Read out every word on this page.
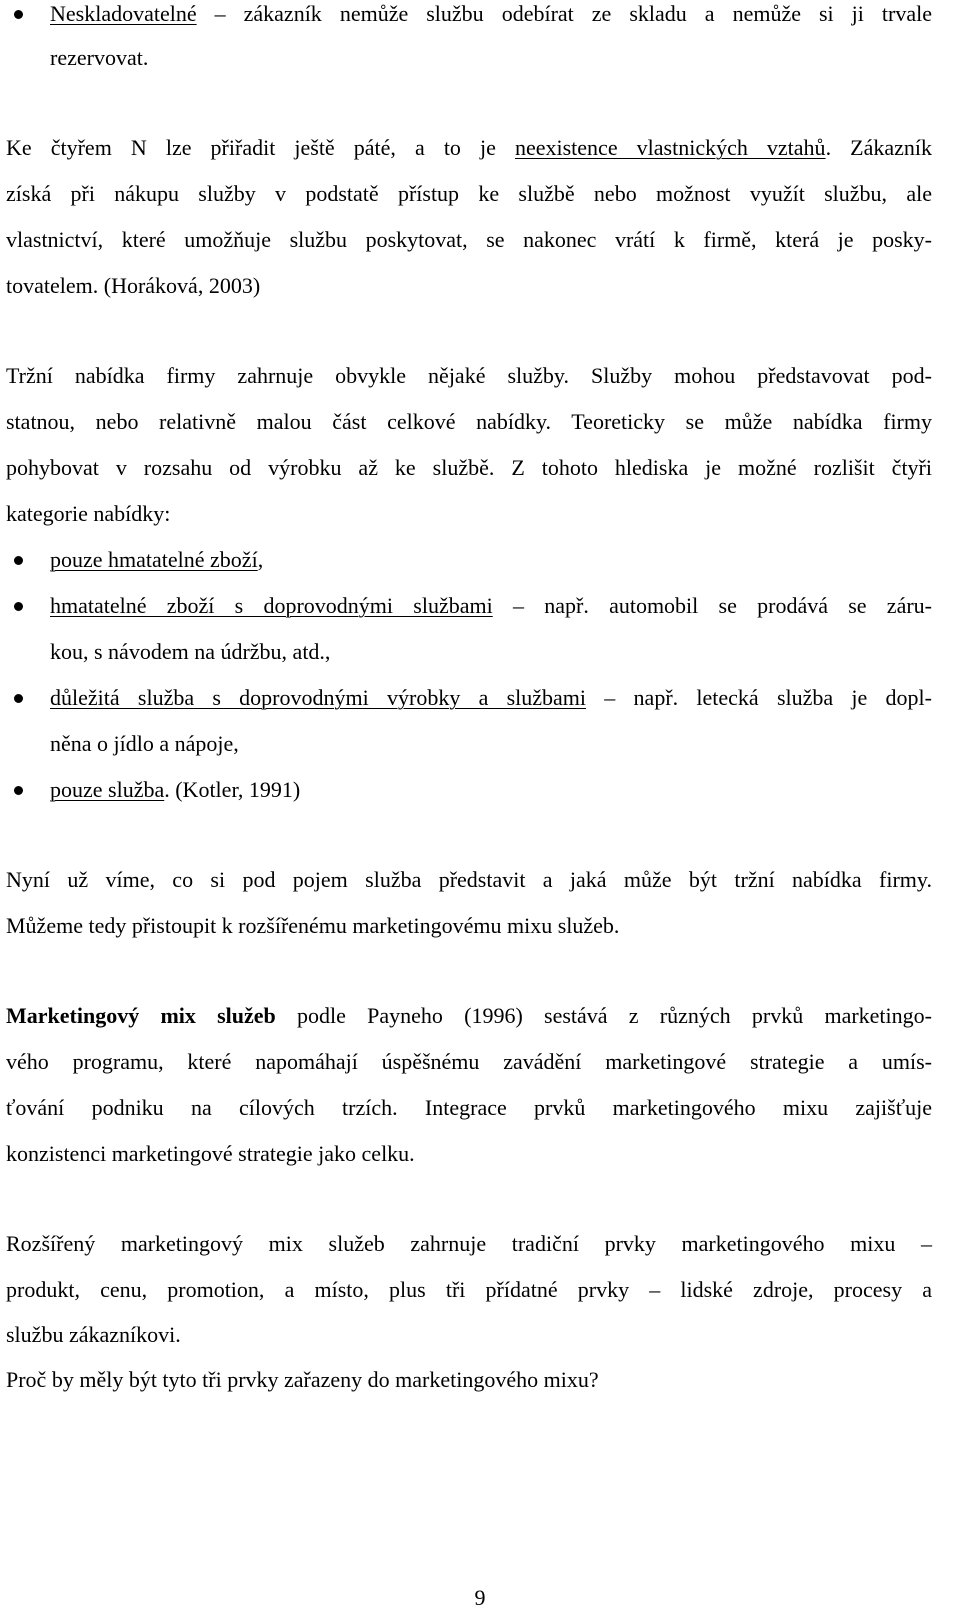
Neskladovatelné – zákazník nemůže službu odebírat ze skladu a nemůže si ji trvale
rezervovat.
Ke čtyřem N lze přiřadit ještě páté, a to je neexistence vlastnických vztahů. Zákazník
získá při nákupu služby v podstatě přístup ke službě nebo možnost využít službu, ale
vlastnictví, které umožňuje službu poskytovat, se nakonec vrátí k firmě, která je posky-
tovatelem. (Horáková, 2003)
Tržní nabídka firmy zahrnuje obvykle nějaké služby. Služby mohou představovat pod-
statnou, nebo relativně malou část celkové nabídky. Teoreticky se může nabídka firmy
pohybovat v rozsahu od výrobku až ke službě. Z tohoto hlediska je možné rozlišit čtyři
kategorie nabídky:
pouze hmatatelné zboží,
hmatatelné zboží s doprovodnými službami – např. automobil se prodává se záru-
kou, s návodem na údržbu, atd.,
důležitá služba s doprovodnými výrobky a službami – např. letecká služba je dopl-
něna o jídlo a nápoje,
pouze služba. (Kotler, 1991)
Nyní už víme, co si pod pojem služba představit a jaká může být tržní nabídka firmy.
Můžeme tedy přistoupit k rozšířenému marketingovému mixu služeb.
Marketingový mix služeb podle Payneho (1996) sestává z různých prvků marketingo-
vého programu, které napomáhají úspěšnému zavádění marketingové strategie a umís-
ťování podniku na cílových trzích. Integrace prvků marketingového mixu zajišťuje
konzistenci marketingové strategie jako celku.
Rozšířený marketingový mix služeb zahrnuje tradiční prvky marketingového mixu –
produkt, cenu, promotion, a místo, plus tři přídatné prvky – lidské zdroje, procesy a
službu zákazníkovi.
Proč by měly být tyto tři prvky zařazeny do marketingového mixu?
9
